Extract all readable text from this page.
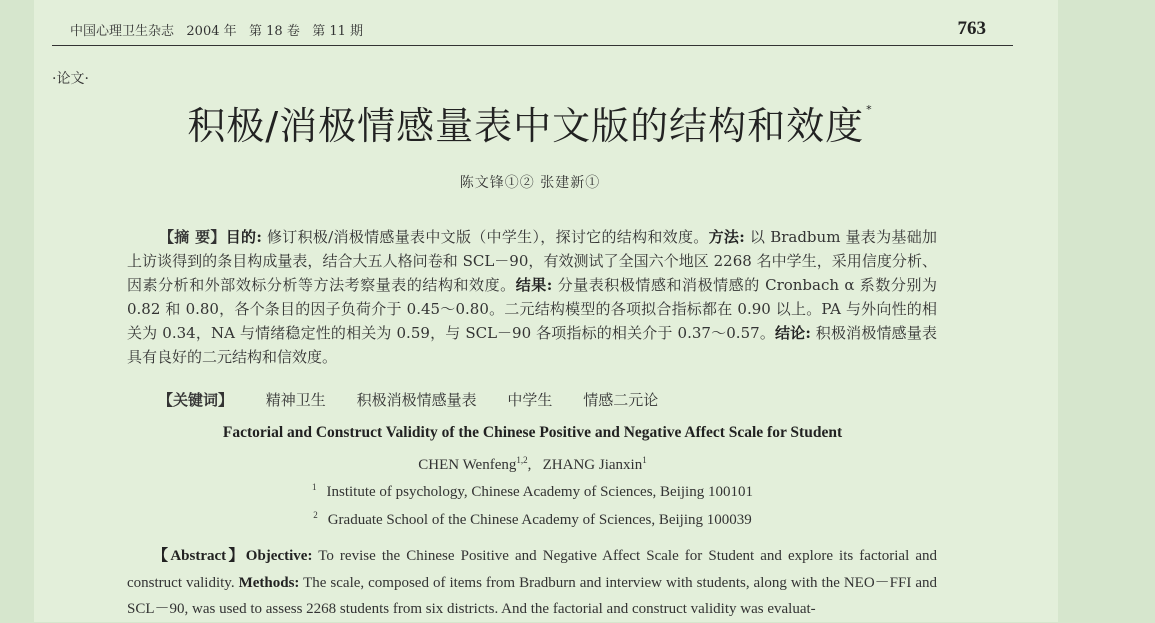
中国心理卫生杂志   2004 年   第 18 卷   第 11 期	763
·论文·
积极/消极情感量表中文版的结构和效度 *
陈文锋①② 张建新①

【摘 要】目的: 修订积极/消极情感量表中文版（中学生），探讨它的结构和效度。方法: 以 Bradbum 量表为基础加上访谈得到的条目构成量表，结合大五人格问卷和 SCL－90，有效测试了全国六个地区 2268 名中学生，采用信度分析、因素分析和外部效标分析等方法考察量表的结构和效度。结果: 分量表积极情感和消极情感的 Cronbach α 系数分别为 0.82 和 0.80，各个条目的因子负荷介于 0.45～0.80。二元结构模型的各项拟合指标都在 0.90 以上。PA 与外向性的相关为 0.34，NA 与情绪稳定性的相关为 0.59，与 SCL－90 各项指标的相关介于 0.37～0.57。结论: 积极消极情感量表具有良好的二元结构和信效度。

【关键词】 精神卫生 积极消极情感量表 中学生 情感二元论
Factorial and Construct Validity of the Chinese Positive and Negative Affect Scale for Student
CHEN Wenfeng$^{1,2}$,   ZHANG Jianxin$^1$
$^1$ Institute of psychology, Chinese Academy of Sciences, Beijing 100101
$^2$ Graduate School of the Chinese Academy of Sciences, Beijing 100039

【Abstract】Objective: To revise the Chinese Positive and Negative Affect Scale for Student and explore its factorial and construct validity. Methods: The scale, composed of items from Bradburn and interview with students, along with the NEO－FFI and SCL－90, was used to assess 2268 students from six districts. And the factorial and construct validity was evaluat-
